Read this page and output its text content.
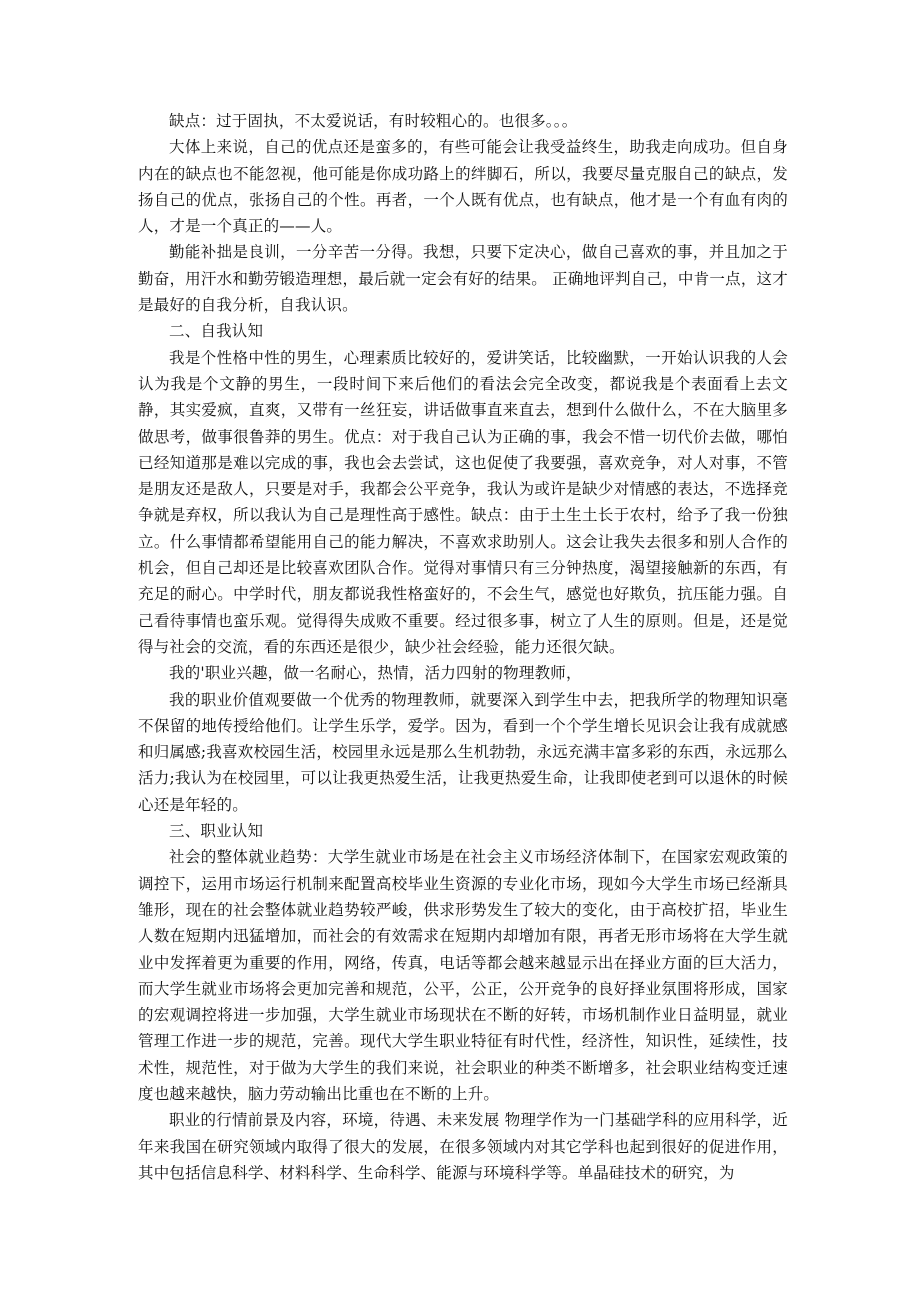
缺点：过于固执，不太爱说话，有时较粗心的。也很多。。。

大体上来说，自己的优点还是蛮多的，有些可能会让我受益终生，助我走向成功。但自身内在的缺点也不能忽视，他可能是你成功路上的绊脚石，所以，我要尽量克服自己的缺点，发扬自己的优点，张扬自己的个性。再者，一个人既有优点，也有缺点，他才是一个有血有肉的人，才是一个真正的——人。

勤能补拙是良训，一分辛苦一分得。我想，只要下定决心，做自己喜欢的事，并且加之于勤奋，用汗水和勤劳锻造理想，最后就一定会有好的结果。 正确地评判自己，中肯一点，这才是最好的自我分析，自我认识。

二、自我认知

我是个性格中性的男生，心理素质比较好的，爱讲笑话，比较幽默，一开始认识我的人会认为我是个文静的男生，一段时间下来后他们的看法会完全改变，都说我是个表面看上去文静，其实爱疯，直爽，又带有一丝狂妄，讲话做事直来直去，想到什么做什么，不在大脑里多做思考，做事很鲁莽的男生。优点：对于我自己认为正确的事，我会不惜一切代价去做，哪怕已经知道那是难以完成的事，我也会去尝试，这也促使了我要强，喜欢竞争，对人对事，不管是朋友还是敌人，只要是对手，我都会公平竞争，我认为或许是缺少对情感的表达，不选择竞争就是弃权，所以我认为自己是理性高于感性。缺点：由于土生土长于农村，给予了我一份独立。什么事情都希望能用自己的能力解决，不喜欢求助别人。这会让我失去很多和别人合作的机会，但自己却还是比较喜欢团队合作。觉得对事情只有三分钟热度，渴望接触新的东西，有充足的耐心。中学时代，朋友都说我性格蛮好的，不会生气，感觉也好欺负，抗压能力强。自己看待事情也蛮乐观。觉得得失成败不重要。经过很多事，树立了人生的原则。但是，还是觉得与社会的交流，看的东西还是很少，缺少社会经验，能力还很欠缺。

我的'职业兴趣，做一名耐心，热情，活力四射的物理教师，

我的职业价值观要做一个优秀的物理教师，就要深入到学生中去，把我所学的物理知识毫不保留的地传授给他们。让学生乐学，爱学。因为，看到一个个学生增长见识会让我有成就感和归属感;我喜欢校园生活，校园里永远是那么生机勃勃，永远充满丰富多彩的东西，永远那么活力;我认为在校园里，可以让我更热爱生活，让我更热爱生命，让我即使老到可以退休的时候心还是年轻的。

三、职业认知

社会的整体就业趋势：大学生就业市场是在社会主义市场经济体制下，在国家宏观政策的调控下，运用市场运行机制来配置高校毕业生资源的专业化市场，现如今大学生市场已经渐具雏形，现在的社会整体就业趋势较严峻，供求形势发生了较大的变化，由于高校扩招，毕业生人数在短期内迅猛增加，而社会的有效需求在短期内却增加有限，再者无形市场将在大学生就业中发挥着更为重要的作用，网络，传真，电话等都会越来越显示出在择业方面的巨大活力，而大学生就业市场将会更加完善和规范，公平，公正，公开竞争的良好择业氛围将形成，国家的宏观调控将进一步加强，大学生就业市场现状在不断的好转，市场机制作业日益明显，就业管理工作进一步的规范，完善。现代大学生职业特征有时代性，经济性，知识性，延续性，技术性，规范性，对于做为大学生的我们来说，社会职业的种类不断增多，社会职业结构变迁速度也越来越快，脑力劳动输出比重也在不断的上升。

职业的行情前景及内容，环境，待遇、未来发展 物理学作为一门基础学科的应用科学，近年来我国在研究领域内取得了很大的发展，在很多领域内对其它学科也起到很好的促进作用，其中包括信息科学、材料科学、生命科学、能源与环境科学等。单晶硅技术的研究，为
